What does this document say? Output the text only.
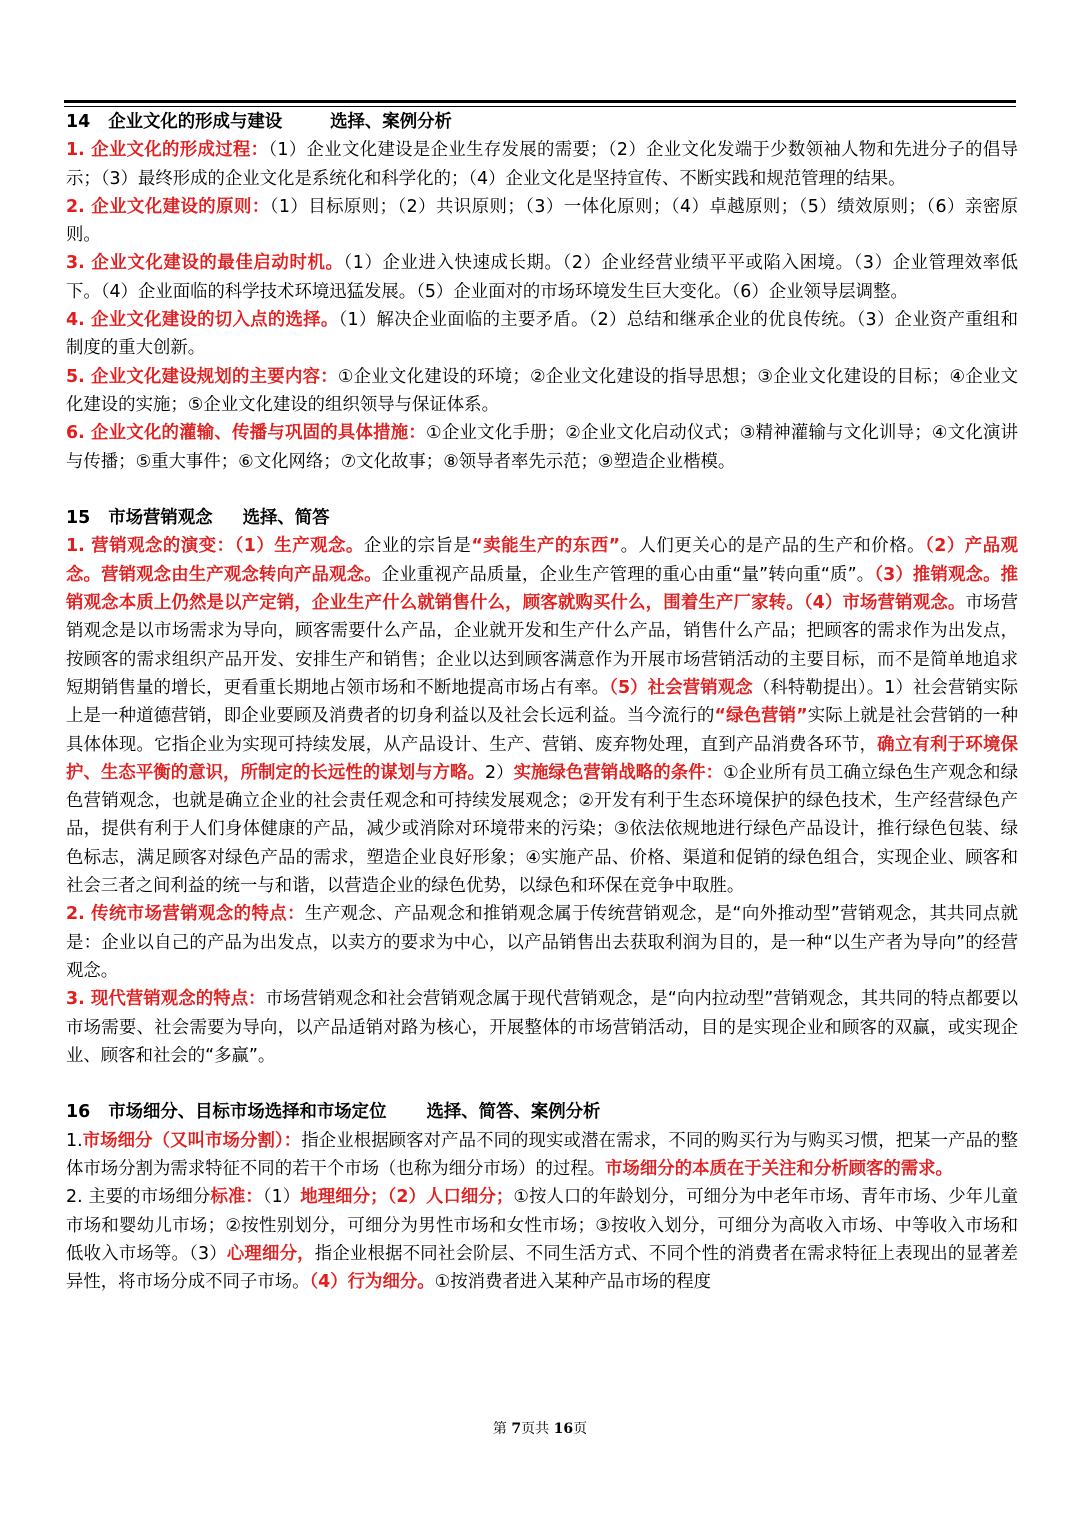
14 企业文化的形成与建设	选择、案例分析

1. 企业文化的形成过程：（1）企业文化建设是企业生存发展的需要；（2）企业文化发端于少数领袖人物和先进分子的倡导示；（3）最终形成的企业文化是系统化和科学化的；（4）企业文化是坚持宣传、不断实践和规范管理的结果。

2. 企业文化建设的原则：（1）目标原则；（2）共识原则；（3）一体化原则；（4）卓越原则；（5）绩效原则；（6）亲密原则。

3. 企业文化建设的最佳启动时机。（1）企业进入快速成长期。（2）企业经营业绩平平或陷入困境。（3）企业管理效率低下。（4）企业面临的科学技术环境迅猛发展。（5）企业面对的市场环境发生巨大变化。（6）企业领导层调整。

4. 企业文化建设的切入点的选择。（1）解决企业面临的主要矛盾。（2）总结和继承企业的优良传统。（3）企业资产重组和制度的重大创新。

5. 企业文化建设规划的主要内容：①企业文化建设的环境；②企业文化建设的指导思想；③企业文化建设的目标；④企业文化建设的实施；⑤企业文化建设的组织领导与保证体系。

6. 企业文化的灌输、传播与巩固的具体措施：①企业文化手册；②企业文化启动仪式；③精神灌输与文化训导；④文化演讲与传播；⑤重大事件；⑥文化网络；⑦文化故事；⑧领导者率先示范；⑨塑造企业楷模。

15 市场营销观念 选择、简答

1. 营销观念的演变：（1）生产观念。企业的宗旨是“卖能生产的东西”。人们更关心的是产品的生产和价格。（2）产品观念。营销观念由生产观念转向产品观念。企业重视产品质量，企业生产管理的重心由重“量”转向重“质”。（3）推销观念。推销观念本质上仍然是以产定销，企业生产什么就销售什么，顾客就购买什么，围着生产厂家转。（4）市场营销观念。市场营销观念是以市场需求为导向，顾客需要什么产品，企业就开发和生产什么产品，销售什么产品；把顾客的需求作为出发点，按顾客的需求组织产品开发、安排生产和销售；企业以达到顾客满意作为开展市场营销活动的主要目标，而不是简单地追求短期销售量的增长，更看重长期地占领市场和不断地提高市场占有率。（5）社会营销观念（科特勒提出）。1）社会营销实际上是一种道德营销，即企业要顾及消费者的切身利益以及社会长远利益。当今流行的“绿色营销”实际上就是社会营销的一种具体体现。它指企业为实现可持续发展，从产品设计、生产、营销、废弃物处理，直到产品消费各环节，确立有利于环境保护、生态平衡的意识，所制定的长远性的谋划与方略。2）实施绿色营销战略的条件：①企业所有员工确立绿色生产观念和绿色营销观念，也就是确立企业的社会责任观念和可持续发展观念；②开发有利于生态环境保护的绿色技术，生产经营绿色产品，提供有利于人们身体健康的产品，减少或消除对环境带来的污染；③依法依规地进行绿色产品设计，推行绿色包装、绿色标志，满足顾客对绿色产品的需求，塑造企业良好形象；④实施产品、价格、渠道和促销的绿色组合，实现企业、顾客和社会三者之间利益的统一与和谐，以营造企业的绿色优势，以绿色和环保在竞争中取胜。

2. 传统市场营销观念的特点：生产观念、产品观念和推销观念属于传统营销观念，是“向外推动型”营销观念，其共同点就是：企业以自己的产品为出发点，以卖方的要求为中心，以产品销售出去获取利润为目的，是一种“以生产者为导向”的经营观念。

3. 现代营销观念的特点：市场营销观念和社会营销观念属于现代营销观念，是“向内拉动型”营销观念，其共同的特点都要以市场需要、社会需要为导向，以产品适销对路为核心，开展整体的市场营销活动，目的是实现企业和顾客的双赢，或实现企业、顾客和社会的“多赢”。

16 市场细分、目标市场选择和市场定位 选择、简答、案例分析

1.市场细分（又叫市场分割）：指企业根据顾客对产品不同的现实或潜在需求，不同的购买行为与购买习惯，把某一产品的整体市场分割为需求特征不同的若干个市场（也称为细分市场）的过程。市场细分的本质在于关注和分析顾客的需求。

2. 主要的市场细分标准：（1）地理细分；（2）人口细分；①按人口的年龄划分，可细分为中老年市场、青年市场、少年儿童市场和婴幼儿市场；②按性别划分，可细分为男性市场和女性市场；③按收入划分，可细分为高收入市场、中等收入市场和低收入市场等。（3）心理细分，指企业根据不同社会阶层、不同生活方式、不同个性的消费者在需求特征上表现出的显著差异性，将市场分成不同子市场。（4）行为细分。①按消费者进入某种产品市场的程度

第 7页共 16页
